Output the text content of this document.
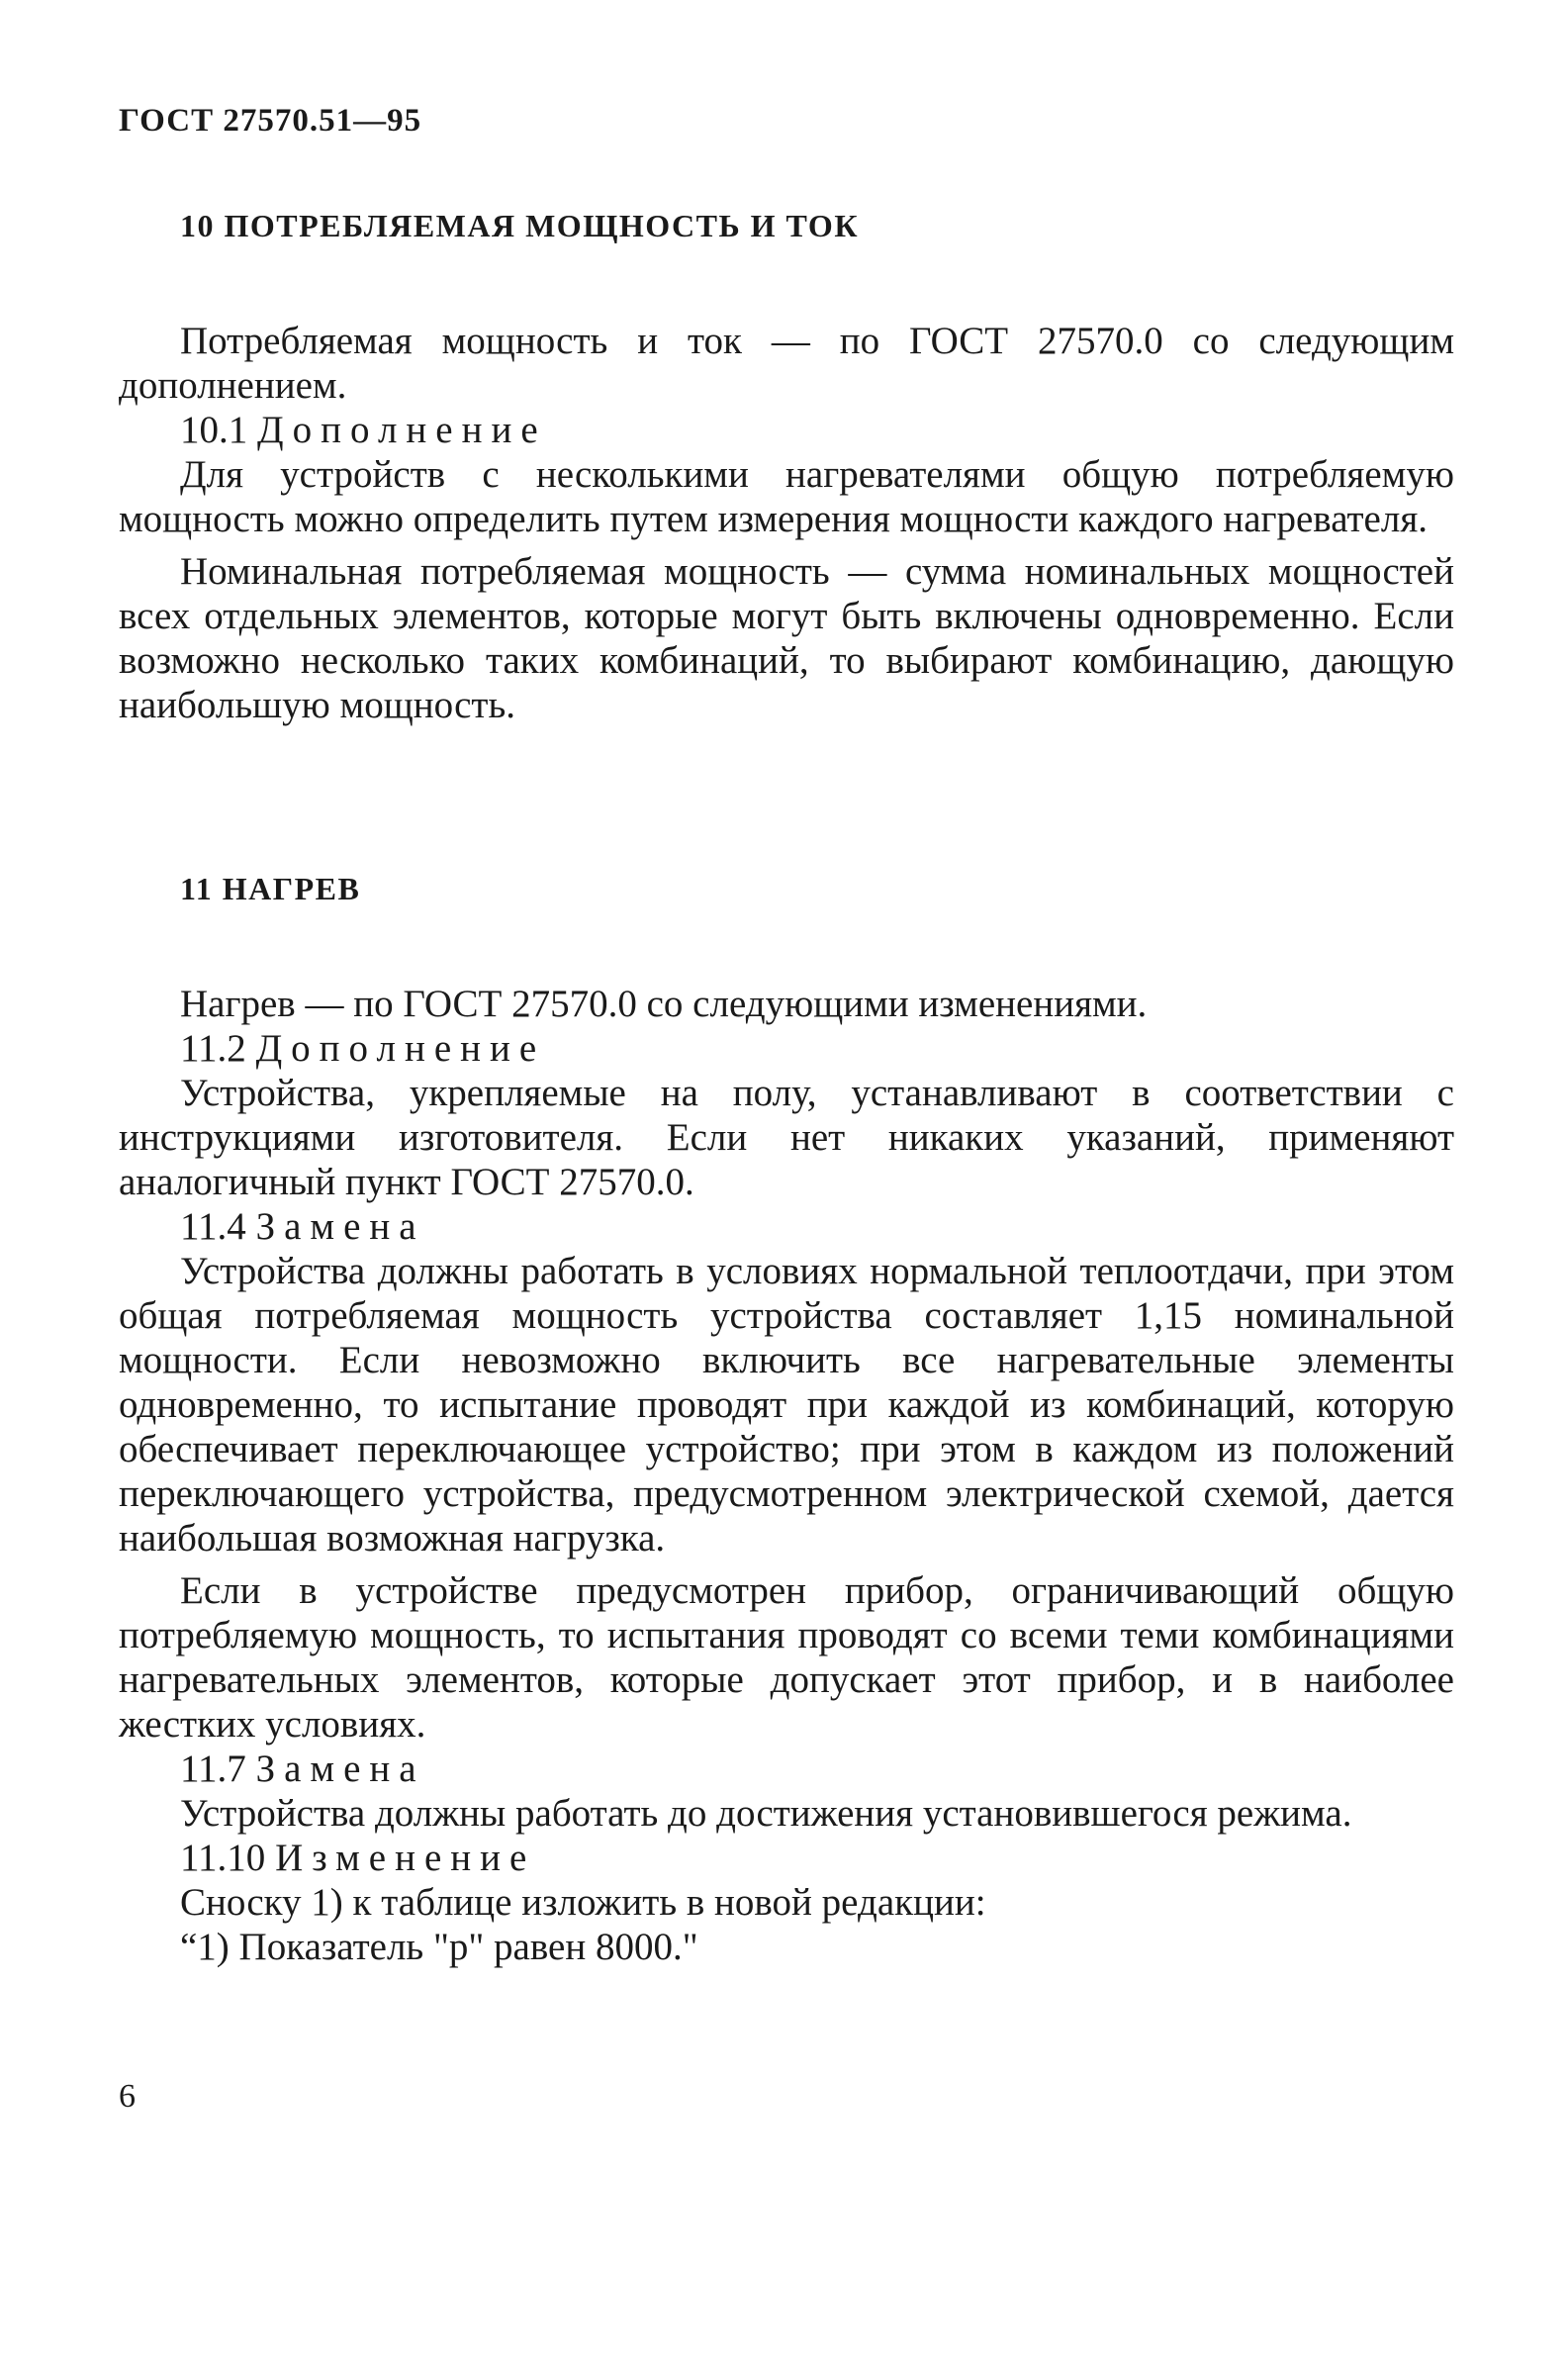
ГОСТ 27570.51—95
10 ПОТРЕБЛЯЕМАЯ МОЩНОСТЬ И ТОК

Потребляемая мощность и ток — по ГОСТ 27570.0 со следующим дополнением.

10.1 Дополнение

Для устройств с несколькими нагревателями общую потребляемую мощность можно определить путем измерения мощности каждого нагревателя.

Номинальная потребляемая мощность — сумма номинальных мощностей всех отдельных элементов, которые могут быть включены одновременно. Если возможно несколько таких комбинаций, то выбирают комбинацию, дающую наибольшую мощность.

11 НАГРЕВ

Нагрев — по ГОСТ 27570.0 со следующими изменениями.

11.2 Дополнение

Устройства, укрепляемые на полу, устанавливают в соответствии с инструкциями изготовителя. Если нет никаких указаний, применяют аналогичный пункт ГОСТ 27570.0.

11.4 Замена

Устройства должны работать в условиях нормальной теплоотдачи, при этом общая потребляемая мощность устройства составляет 1,15 номинальной мощности. Если невозможно включить все нагревательные элементы одновременно, то испытание проводят при каждой из комбинаций, которую обеспечивает переключающее устройство; при этом в каждом из положений переключающего устройства, предусмотренном электрической схемой, дается наибольшая возможная нагрузка.

Если в устройстве предусмотрен прибор, ограничивающий общую потребляемую мощность, то испытания проводят со всеми теми комбинациями нагревательных элементов, которые допускает этот прибор, и в наиболее жестких условиях.

11.7 Замена

Устройства должны работать до достижения установившегося режима.

11.10 Изменение

Сноску 1) к таблице изложить в новой редакции:

“1) Показатель "р" равен 8000."

6
